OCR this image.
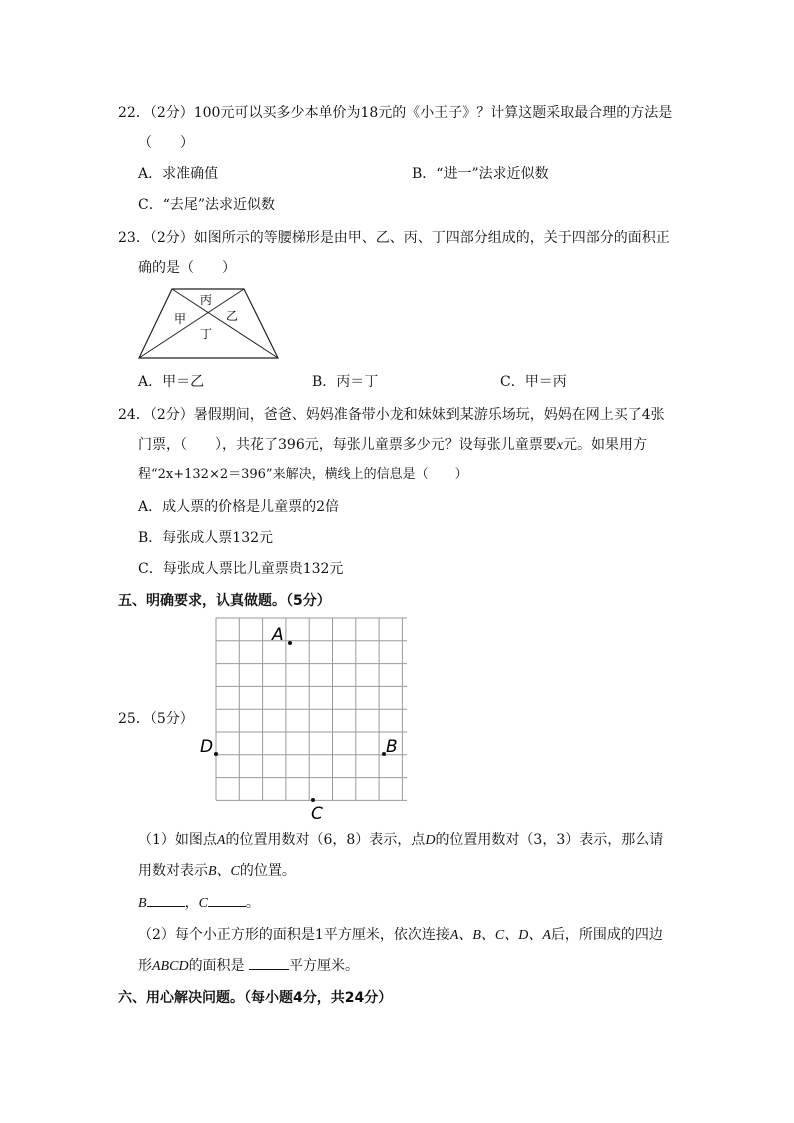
22．（2分）100元可以买多少本单价为18元的《小王子》？计算这题采取最合理的方法是
（　　）
A．求准确值	B．“进一”法求近似数
C．“去尾”法求近似数
23．（2分）如图所示的等腰梯形是由甲、乙、丙、丁四部分组成的，关于四部分的面积正
确的是（　　）
丙
甲	乙
丁
A．甲＝乙	B．丙＝丁	C．甲＝丙
24．（2分）暑假期间，爸爸、妈妈准备带小龙和妹妹到某游乐场玩，妈妈在网上买了4张
门票，（　　），共花了396元，每张儿童票多少元？设每张儿童票要x元。如果用方
程“2x+132×2＝396”来解决，横线上的信息是（　　）
A．成人票的价格是儿童票的2倍
B．每张成人票132元
C．每张成人票比儿童票贵132元
五、明确要求，认真做题。（5分）
25．（5分）
A
B
C
D
（1）如图点A的位置用数对（6，8）表示，点D的位置用数对（3，3）表示，那么请
用数对表示B、C的位置。
B	，C	。
（2）每个小正方形的面积是1平方厘米，依次连接A、B、C、D、A后，所围成的四边
形ABCD的面积是	平方厘米。
六、用心解决问题。（每小题4分，共24分）
